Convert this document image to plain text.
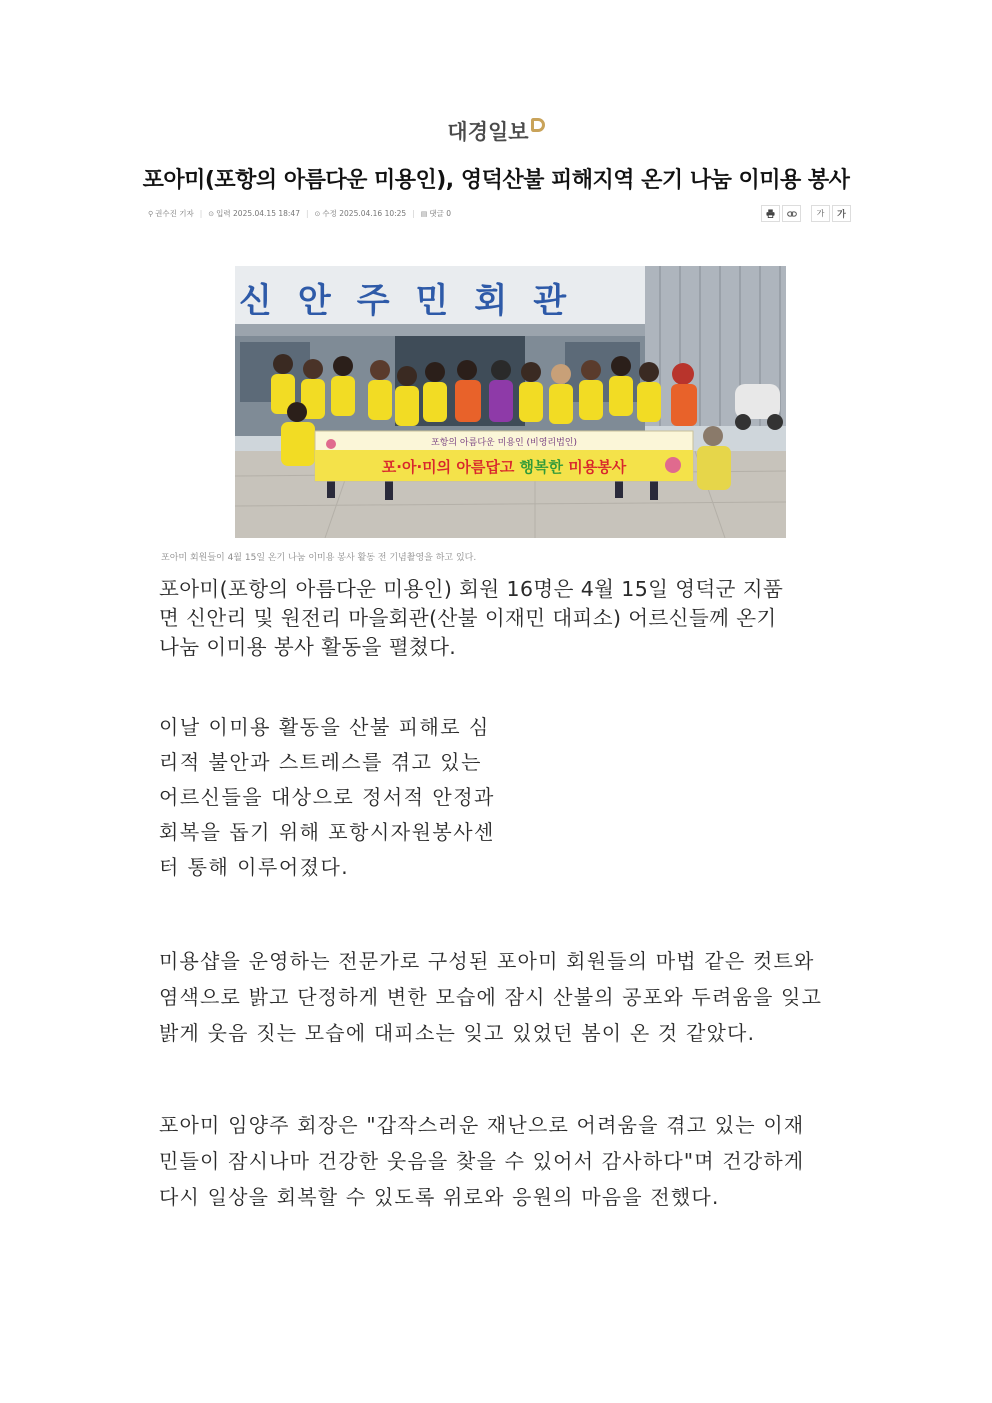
대경일보
포아미(포항의 아름다운 미용인), 영덕산불 피해지역 온기 나눔 이미용 봉사
⚲ 권수진 기자 | ⊙ 입력 2025.04.15 18:47 | ⊙ 수정 2025.04.16 10:25 | ▤ 댓글 0	가	가
신안주민회관
포항의 아름다운 미용인 (비영리법인)
포·아·미의 아름답고 행복한 미용봉사
포아미 회원들이 4월 15일 온기 나눔 이미용 봉사 활동 전 기념촬영을 하고 있다.

포아미(포항의 아름다운 미용인) 회원 16명은 4월 15일 영덕군 지품면 신안리 및 원전리 마을회관(산불 이재민 대피소) 어르신들께 온기 나눔 이미용 봉사 활동을 펼쳤다.

이날 이미용 활동을 산불 피해로 심리적 불안과 스트레스를 겪고 있는 어르신들을 대상으로 정서적 안정과 회복을 돕기 위해 포항시자원봉사센터 통해 이루어졌다.

미용샵을 운영하는 전문가로 구성된 포아미 회원들의 마법 같은 컷트와 염색으로 밝고 단정하게 변한 모습에 잠시 산불의 공포와 두려움을 잊고 밝게 웃음 짓는 모습에 대피소는 잊고 있었던 봄이 온 것 같았다.

포아미 임양주 회장은 "갑작스러운 재난으로 어려움을 겪고 있는 이재민들이 잠시나마 건강한 웃음을 찾을 수 있어서 감사하다"며 건강하게 다시 일상을 회복할 수 있도록 위로와 응원의 마음을 전했다.
